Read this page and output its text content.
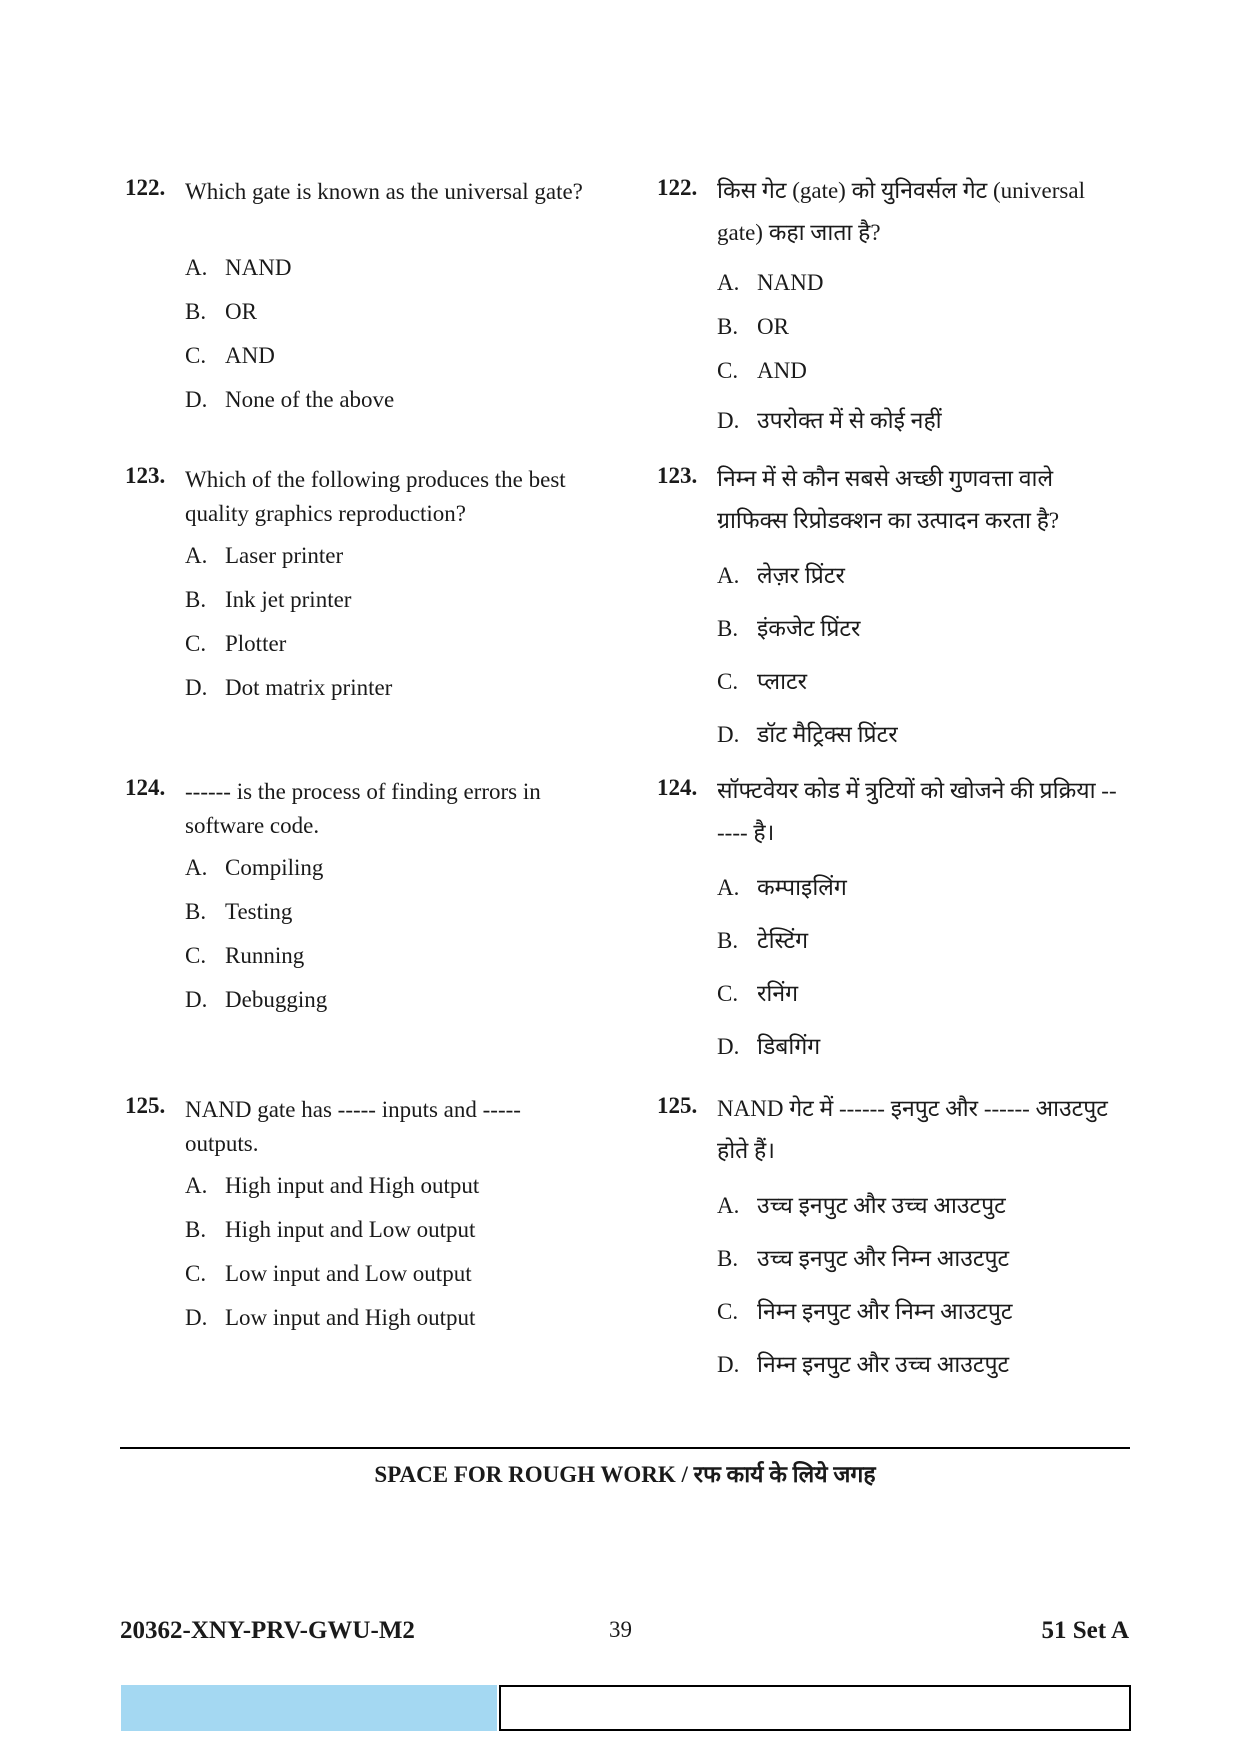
122. Which gate is known as the universal gate?
A. NAND
B. OR
C. AND
D. None of the above
123. Which of the following produces the best quality graphics reproduction?
A. Laser printer
B. Ink jet printer
C. Plotter
D. Dot matrix printer
124. ------ is the process of finding errors in software code.
A. Compiling
B. Testing
C. Running
D. Debugging
125. NAND gate has ----- inputs and ----- outputs.
A. High input and High output
B. High input and Low output
C. Low input and Low output
D. Low input and High output
122. किस गेट (gate) को युनिवर्सल गेट (universal gate) कहा जाता है?
A. NAND
B. OR
C. AND
D. उपरोक्त में से कोई नहीं
123. निम्न में से कौन सबसे अच्छी गुणवत्ता वाले ग्राफिक्स रिप्रोडक्शन का उत्पादन करता है?
A. लेज़र प्रिंटर
B. इंकजेट प्रिंटर
C. प्लाटर
D. डॉट मैट्रिक्स प्रिंटर
124. सॉफ्टवेयर कोड में त्रुटियों को खोजने की प्रक्रिया ------ है।
A. कम्पाइलिंग
B. टेस्टिंग
C. रनिंग
D. डिबगिंग
125. NAND गेट में ------ इनपुट और ------ आउटपुट होते हैं।
A. उच्च इनपुट और उच्च आउटपुट
B. उच्च इनपुट और निम्न आउटपुट
C. निम्न इनपुट और निम्न आउटपुट
D. निम्न इनपुट और उच्च आउटपुट
SPACE FOR ROUGH WORK / रफ कार्य के लिये जगह
20362-XNY-PRV-GWU-M2	39	51 Set A
